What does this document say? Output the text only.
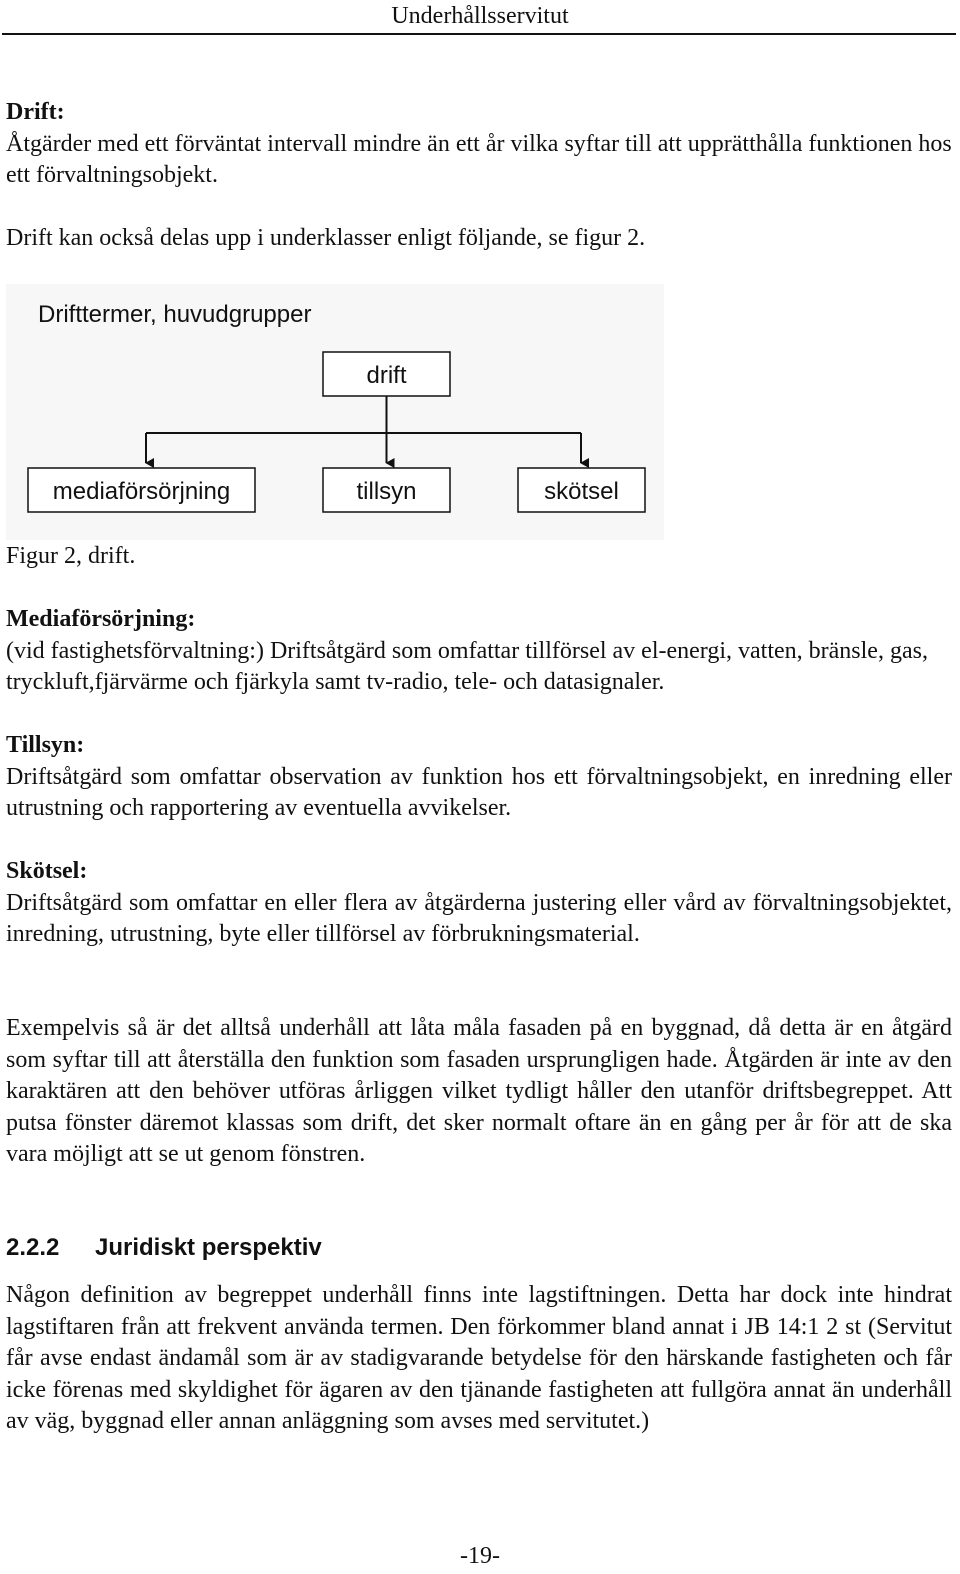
Underhållsservitut
Drift:
Åtgärder med ett förväntat intervall mindre än ett år vilka syftar till att upprätthålla funktionen hos ett förvaltningsobjekt.
Drift kan också delas upp i underklasser enligt följande, se figur 2.
Drifttermer, huvudgrupper
drift
mediaförsörjning	tillsyn	skötsel
Figur 2, drift.
Mediaförsörjning:
(vid fastighetsförvaltning:) Driftsåtgärd som omfattar tillförsel av el-energi, vatten, bränsle, gas, tryckluft,fjärvärme och fjärkyla samt tv-radio, tele- och datasignaler.
Tillsyn:
Driftsåtgärd som omfattar observation av funktion hos ett förvaltningsobjekt, en inredning eller utrustning och rapportering av eventuella avvikelser.
Skötsel:
Driftsåtgärd som omfattar en eller flera av åtgärderna justering eller vård av förvaltningsobjektet, inredning, utrustning, byte eller tillförsel av förbrukningsmaterial.
Exempelvis så är det alltså underhåll att låta måla fasaden på en byggnad, då detta är en åtgärd som syftar till att återställa den funktion som fasaden ursprungligen hade. Åtgärden är inte av den karaktären att den behöver utföras årliggen vilket tydligt håller den utanför driftsbegreppet. Att putsa fönster däremot klassas som drift, det sker normalt oftare än en gång per år för att de ska vara möjligt att se ut genom fönstren.
2.2.2 Juridiskt perspektiv
Någon definition av begreppet underhåll finns inte lagstiftningen. Detta har dock inte hindrat lagstiftaren från att frekvent använda termen. Den förkommer bland annat i JB 14:1 2 st (Servitut får avse endast ändamål som är av stadigvarande betydelse för den härskande fastigheten och får icke förenas med skyldighet för ägaren av den tjänande fastigheten att fullgöra annat än underhåll av väg, byggnad eller annan anläggning som avses med servitutet.)
-19-
